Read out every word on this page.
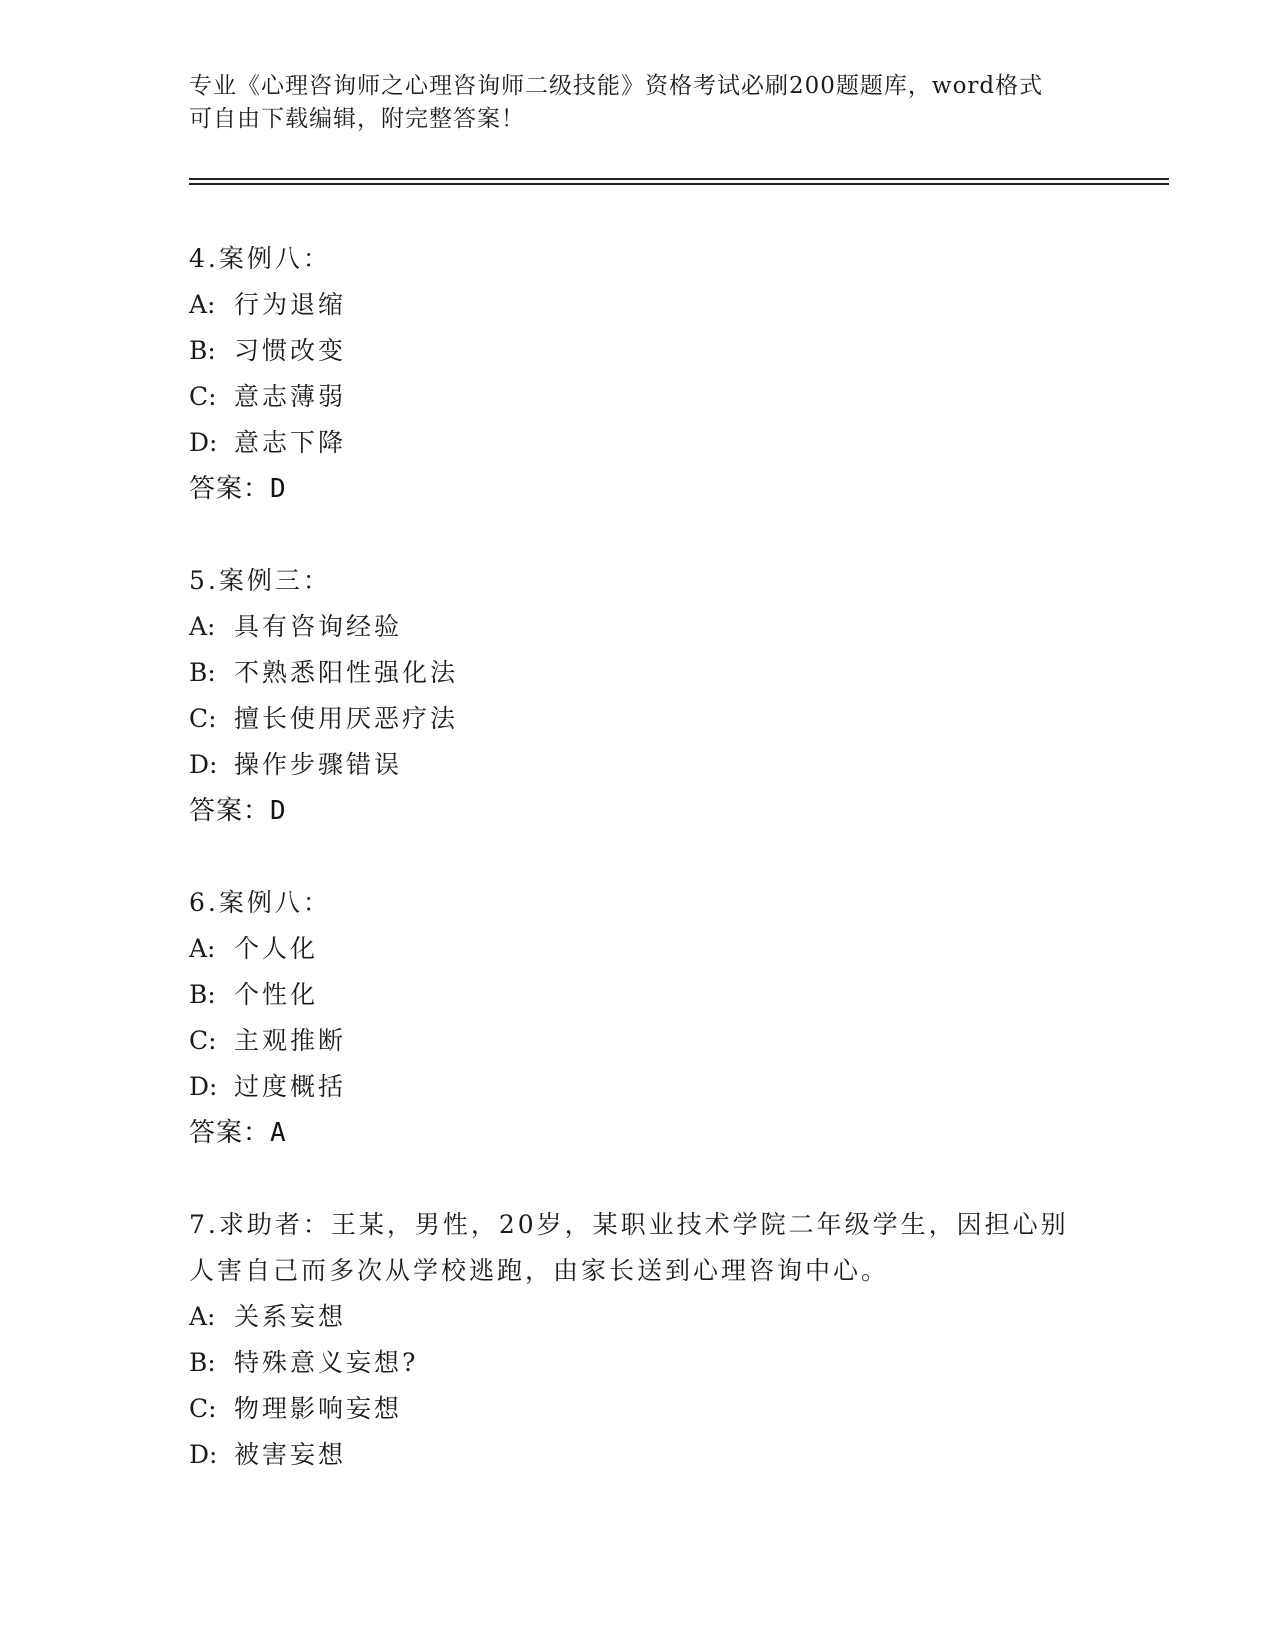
专业《心理咨询师之心理咨询师二级技能》资格考试必刷200题题库，word格式
可自由下载编辑，附完整答案！
4.案例八：
A: 行为退缩
B: 习惯改变
C: 意志薄弱
D: 意志下降
答案：D
5.案例三：
A: 具有咨询经验
B: 不熟悉阳性强化法
C: 擅长使用厌恶疗法
D: 操作步骤错误
答案：D
6.案例八：
A: 个人化
B: 个性化
C: 主观推断
D: 过度概括
答案：A
7.求助者：王某，男性，20岁，某职业技术学院二年级学生，因担心别人害自己而多次从学校逃跑，由家长送到心理咨询中心。
A: 关系妄想
B: 特殊意义妄想?
C: 物理影响妄想
D: 被害妄想
